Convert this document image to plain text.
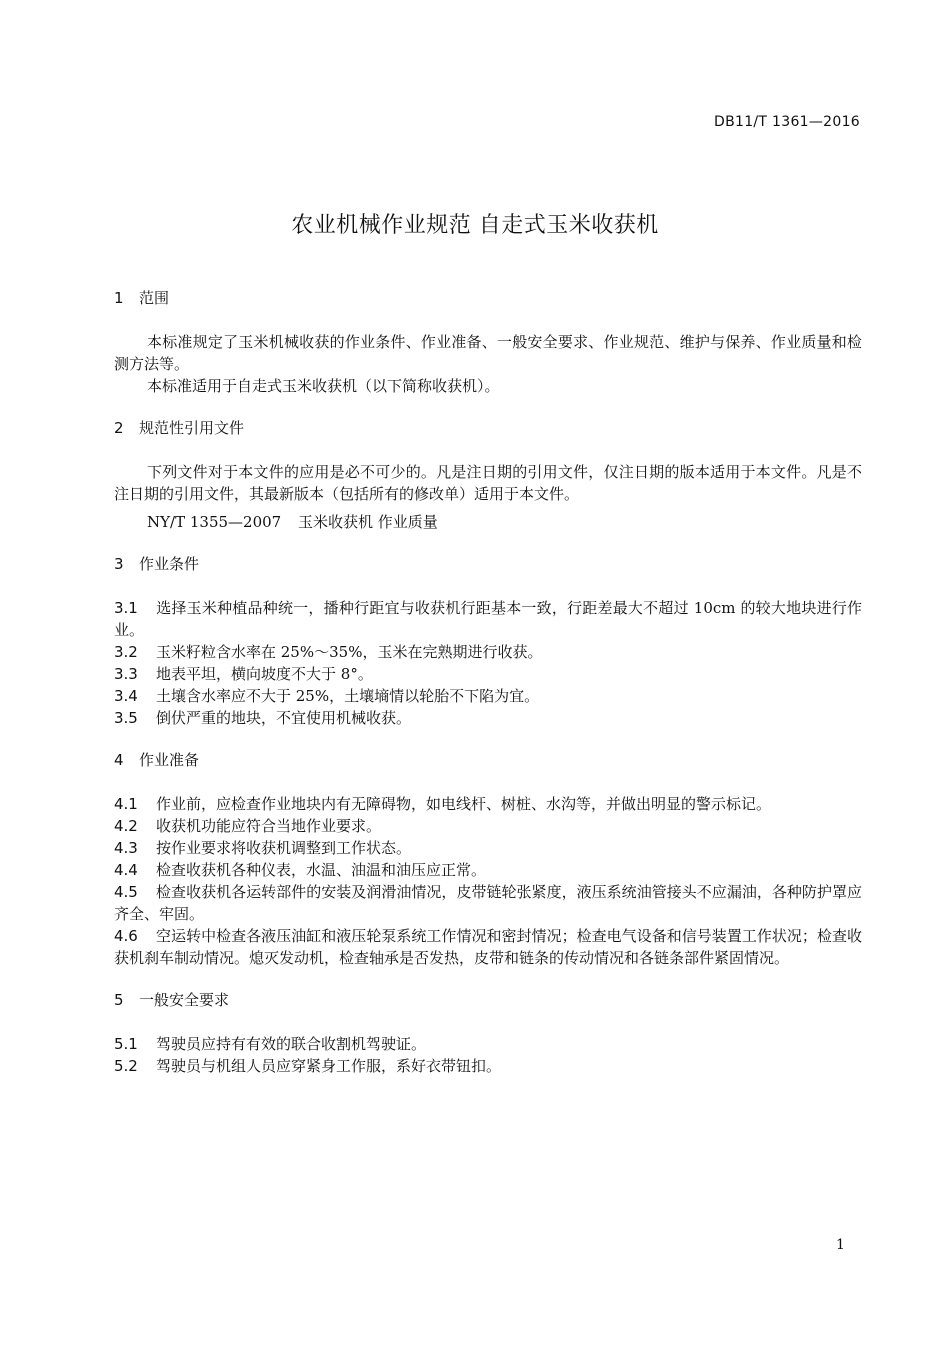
DB11/T 1361—2016
农业机械作业规范 自走式玉米收获机
1 范围
本标准规定了玉米机械收获的作业条件、作业准备、一般安全要求、作业规范、维护与保养、作业质量和检测方法等。
本标准适用于自走式玉米收获机（以下简称收获机）。
2 规范性引用文件
下列文件对于本文件的应用是必不可少的。凡是注日期的引用文件，仅注日期的版本适用于本文件。凡是不注日期的引用文件，其最新版本（包括所有的修改单）适用于本文件。
NY/T 1355—2007 玉米收获机 作业质量
3 作业条件
3.1 选择玉米种植品种统一，播种行距宜与收获机行距基本一致，行距差最大不超过 10cm 的较大地块进行作业。
3.2 玉米籽粒含水率在 25%～35%，玉米在完熟期进行收获。
3.3 地表平坦，横向坡度不大于 8°。
3.4 土壤含水率应不大于 25%，土壤墒情以轮胎不下陷为宜。
3.5 倒伏严重的地块，不宜使用机械收获。
4 作业准备
4.1 作业前，应检查作业地块内有无障碍物，如电线杆、树桩、水沟等，并做出明显的警示标记。
4.2 收获机功能应符合当地作业要求。
4.3 按作业要求将收获机调整到工作状态。
4.4 检查收获机各种仪表，水温、油温和油压应正常。
4.5 检查收获机各运转部件的安装及润滑油情况，皮带链轮张紧度，液压系统油管接头不应漏油，各种防护罩应齐全、牢固。
4.6 空运转中检查各液压油缸和液压轮泵系统工作情况和密封情况；检查电气设备和信号装置工作状况；检查收获机刹车制动情况。熄灭发动机，检查轴承是否发热，皮带和链条的传动情况和各链条部件紧固情况。
5 一般安全要求
5.1 驾驶员应持有有效的联合收割机驾驶证。
5.2 驾驶员与机组人员应穿紧身工作服，系好衣带钮扣。
1
